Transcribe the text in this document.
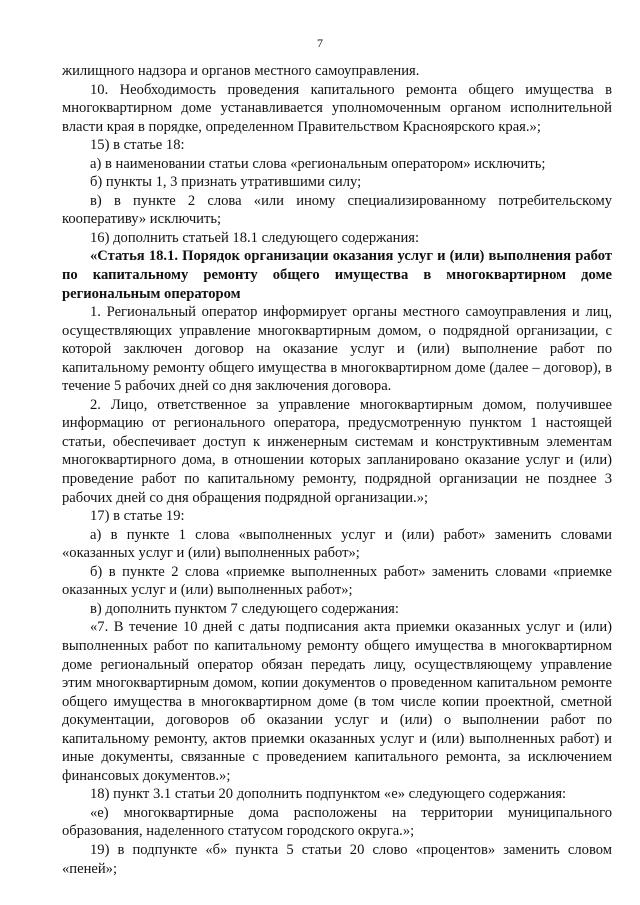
7

жилищного надзора и органов местного самоуправления.

10. Необходимость проведения капитального ремонта общего имущества в многоквартирном доме устанавливается уполномоченным органом исполнительной власти края в порядке, определенном Правительством Красноярского края.»;

15) в статье 18:

а) в наименовании статьи слова «региональным оператором» исключить;

б) пункты 1, 3 признать утратившими силу;

в) в пункте 2 слова «или иному специализированному потребительскому кооперативу» исключить;

16) дополнить статьей 18.1 следующего содержания:

«Статья 18.1. Порядок организации оказания услуг и (или) выполнения работ по капитальному ремонту общего имущества в многоквартирном доме региональным оператором

1. Региональный оператор информирует органы местного самоуправления и лиц, осуществляющих управление многоквартирным домом, о подрядной организации, с которой заключен договор на оказание услуг и (или) выполнение работ по капитальному ремонту общего имущества в многоквартирном доме (далее – договор), в течение 5 рабочих дней со дня заключения договора.

2. Лицо, ответственное за управление многоквартирным домом, получившее информацию от регионального оператора, предусмотренную пунктом 1 настоящей статьи, обеспечивает доступ к инженерным системам и конструктивным элементам многоквартирного дома, в отношении которых запланировано оказание услуг и (или) проведение работ по капитальному ремонту, подрядной организации не позднее 3 рабочих дней со дня обращения подрядной организации.»;

17) в статье 19:

а) в пункте 1 слова «выполненных услуг и (или) работ» заменить словами «оказанных услуг и (или) выполненных работ»;

б) в пункте 2 слова «приемке выполненных работ» заменить словами «приемке оказанных услуг и (или) выполненных работ»;

в) дополнить пунктом 7 следующего содержания:

«7. В течение 10 дней с даты подписания акта приемки оказанных услуг и (или) выполненных работ по капитальному ремонту общего имущества в многоквартирном доме региональный оператор обязан передать лицу, осуществляющему управление этим многоквартирным домом, копии документов о проведенном капитальном ремонте общего имущества в многоквартирном доме (в том числе копии проектной, сметной документации, договоров об оказании услуг и (или) о выполнении работ по капитальному ремонту, актов приемки оказанных услуг и (или) выполненных работ) и иные документы, связанные с проведением капитального ремонта, за исключением финансовых документов.»;

18) пункт 3.1 статьи 20 дополнить подпунктом «е» следующего содержания:

«е) многоквартирные дома расположены на территории муниципального образования, наделенного статусом городского округа.»;

19) в подпункте «б» пункта 5 статьи 20 слово «процентов» заменить словом «пеней»;
